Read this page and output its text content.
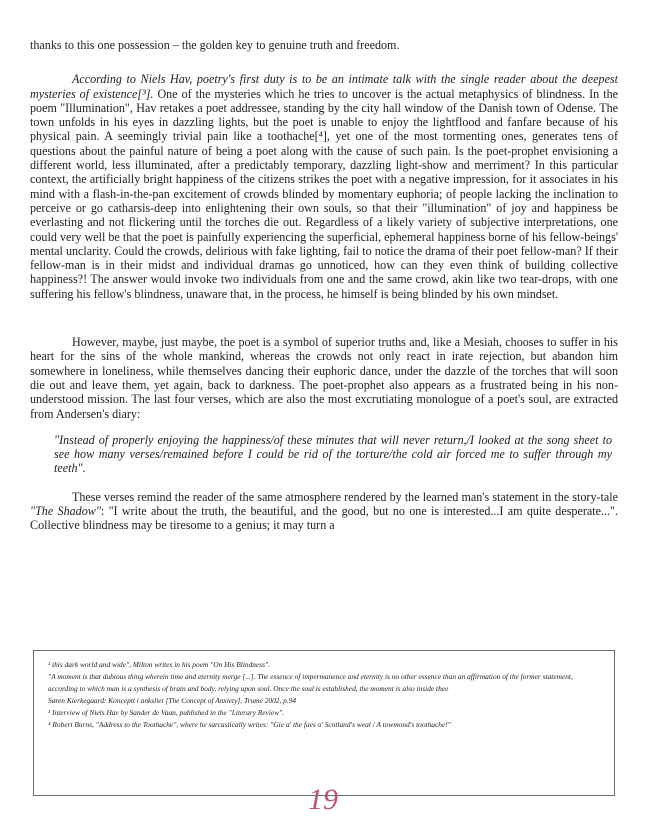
thanks to this one possession – the golden key to genuine truth and freedom.

According to Niels Hav, poetry's first duty is to be an intimate talk with the single reader about the deepest mysteries of existence[³]. One of the mysteries which he tries to uncover is the actual metaphysics of blindness. In the poem "Illumination", Hav retakes a poet addressee, standing by the city hall window of the Danish town of Odense. The town unfolds in his eyes in dazzling lights, but the poet is unable to enjoy the lightflood and fanfare because of his physical pain. A seemingly trivial pain like a toothache[⁴], yet one of the most tormenting ones, generates tens of questions about the painful nature of being a poet along with the cause of such pain. Is the poet-prophet envisioning a different world, less illuminated, after a predictably temporary, dazzling light-show and merriment? In this particular context, the artificially bright happiness of the citizens strikes the poet with a negative impression, for it associates in his mind with a flash-in-the-pan excitement of crowds blinded by momentary euphoria; of people lacking the inclination to perceive or go catharsis-deep into enlightening their own souls, so that their "illumination" of joy and happiness be everlasting and not flickering until the torches die out. Regardless of a likely variety of subjective interpretations, one could very well be that the poet is painfully experiencing the superficial, ephemeral happiness borne of his fellow-beings' mental unclarity. Could the crowds, delirious with fake lighting, fail to notice the drama of their poet fellow-man? If their fellow-man is in their midst and individual dramas go unnoticed, how can they even think of building collective happiness?! The answer would invoke two individuals from one and the same crowd, akin like two tear-drops, with one suffering his fellow's blindness, unaware that, in the process, he himself is being blinded by his own mindset.

However, maybe, just maybe, the poet is a symbol of superior truths and, like a Mesiah, chooses to suffer in his heart for the sins of the whole mankind, whereas the crowds not only react in irate rejection, but abandon him somewhere in loneliness, while themselves dancing their euphoric dance, under the dazzle of the torches that will soon die out and leave them, yet again, back to darkness. The poet-prophet also appears as a frustrated being in his non-understood mission. The last four verses, which are also the most excrutiating monologue of a poet's soul, are extracted from Andersen's diary:

"Instead of properly enjoying the happiness/of these minutes that will never return,/I looked at the song sheet to see how many verses/remained before I could be rid of the torture/the cold air forced me to suffer through my teeth".

These verses remind the reader of the same atmosphere rendered by the learned man's statement in the story-tale "The Shadow": "I write about the truth, the beautiful, and the good, but no one is interested...I am quite desperate...". Collective blindness may be tiresome to a genius; it may turn a

² this dark world and wide", Milton writes in his poem "On His Blindness".

"A moment is that dubious thing wherein time and eternity merge [...]. The essence of impermanence and eternity is no other essence than an affirmation of the former statement, according to which man is a synthesis of brain and body, relying upon soul. Once the soul is established, the moment is also inside thee

Søren Kierkegaard: Konceptt i anksliet [The Concept of Anxiety], Trumé 2002, p.94

³ Interview of Niels Hav by Sander de Vaan, published in the "Literary Review".

⁴ Robert Burns, "Address to the Toothache", where he sarcastically writes: "Gie a' the faes o' Scotland's weal / A towmond's toothache!"

19
